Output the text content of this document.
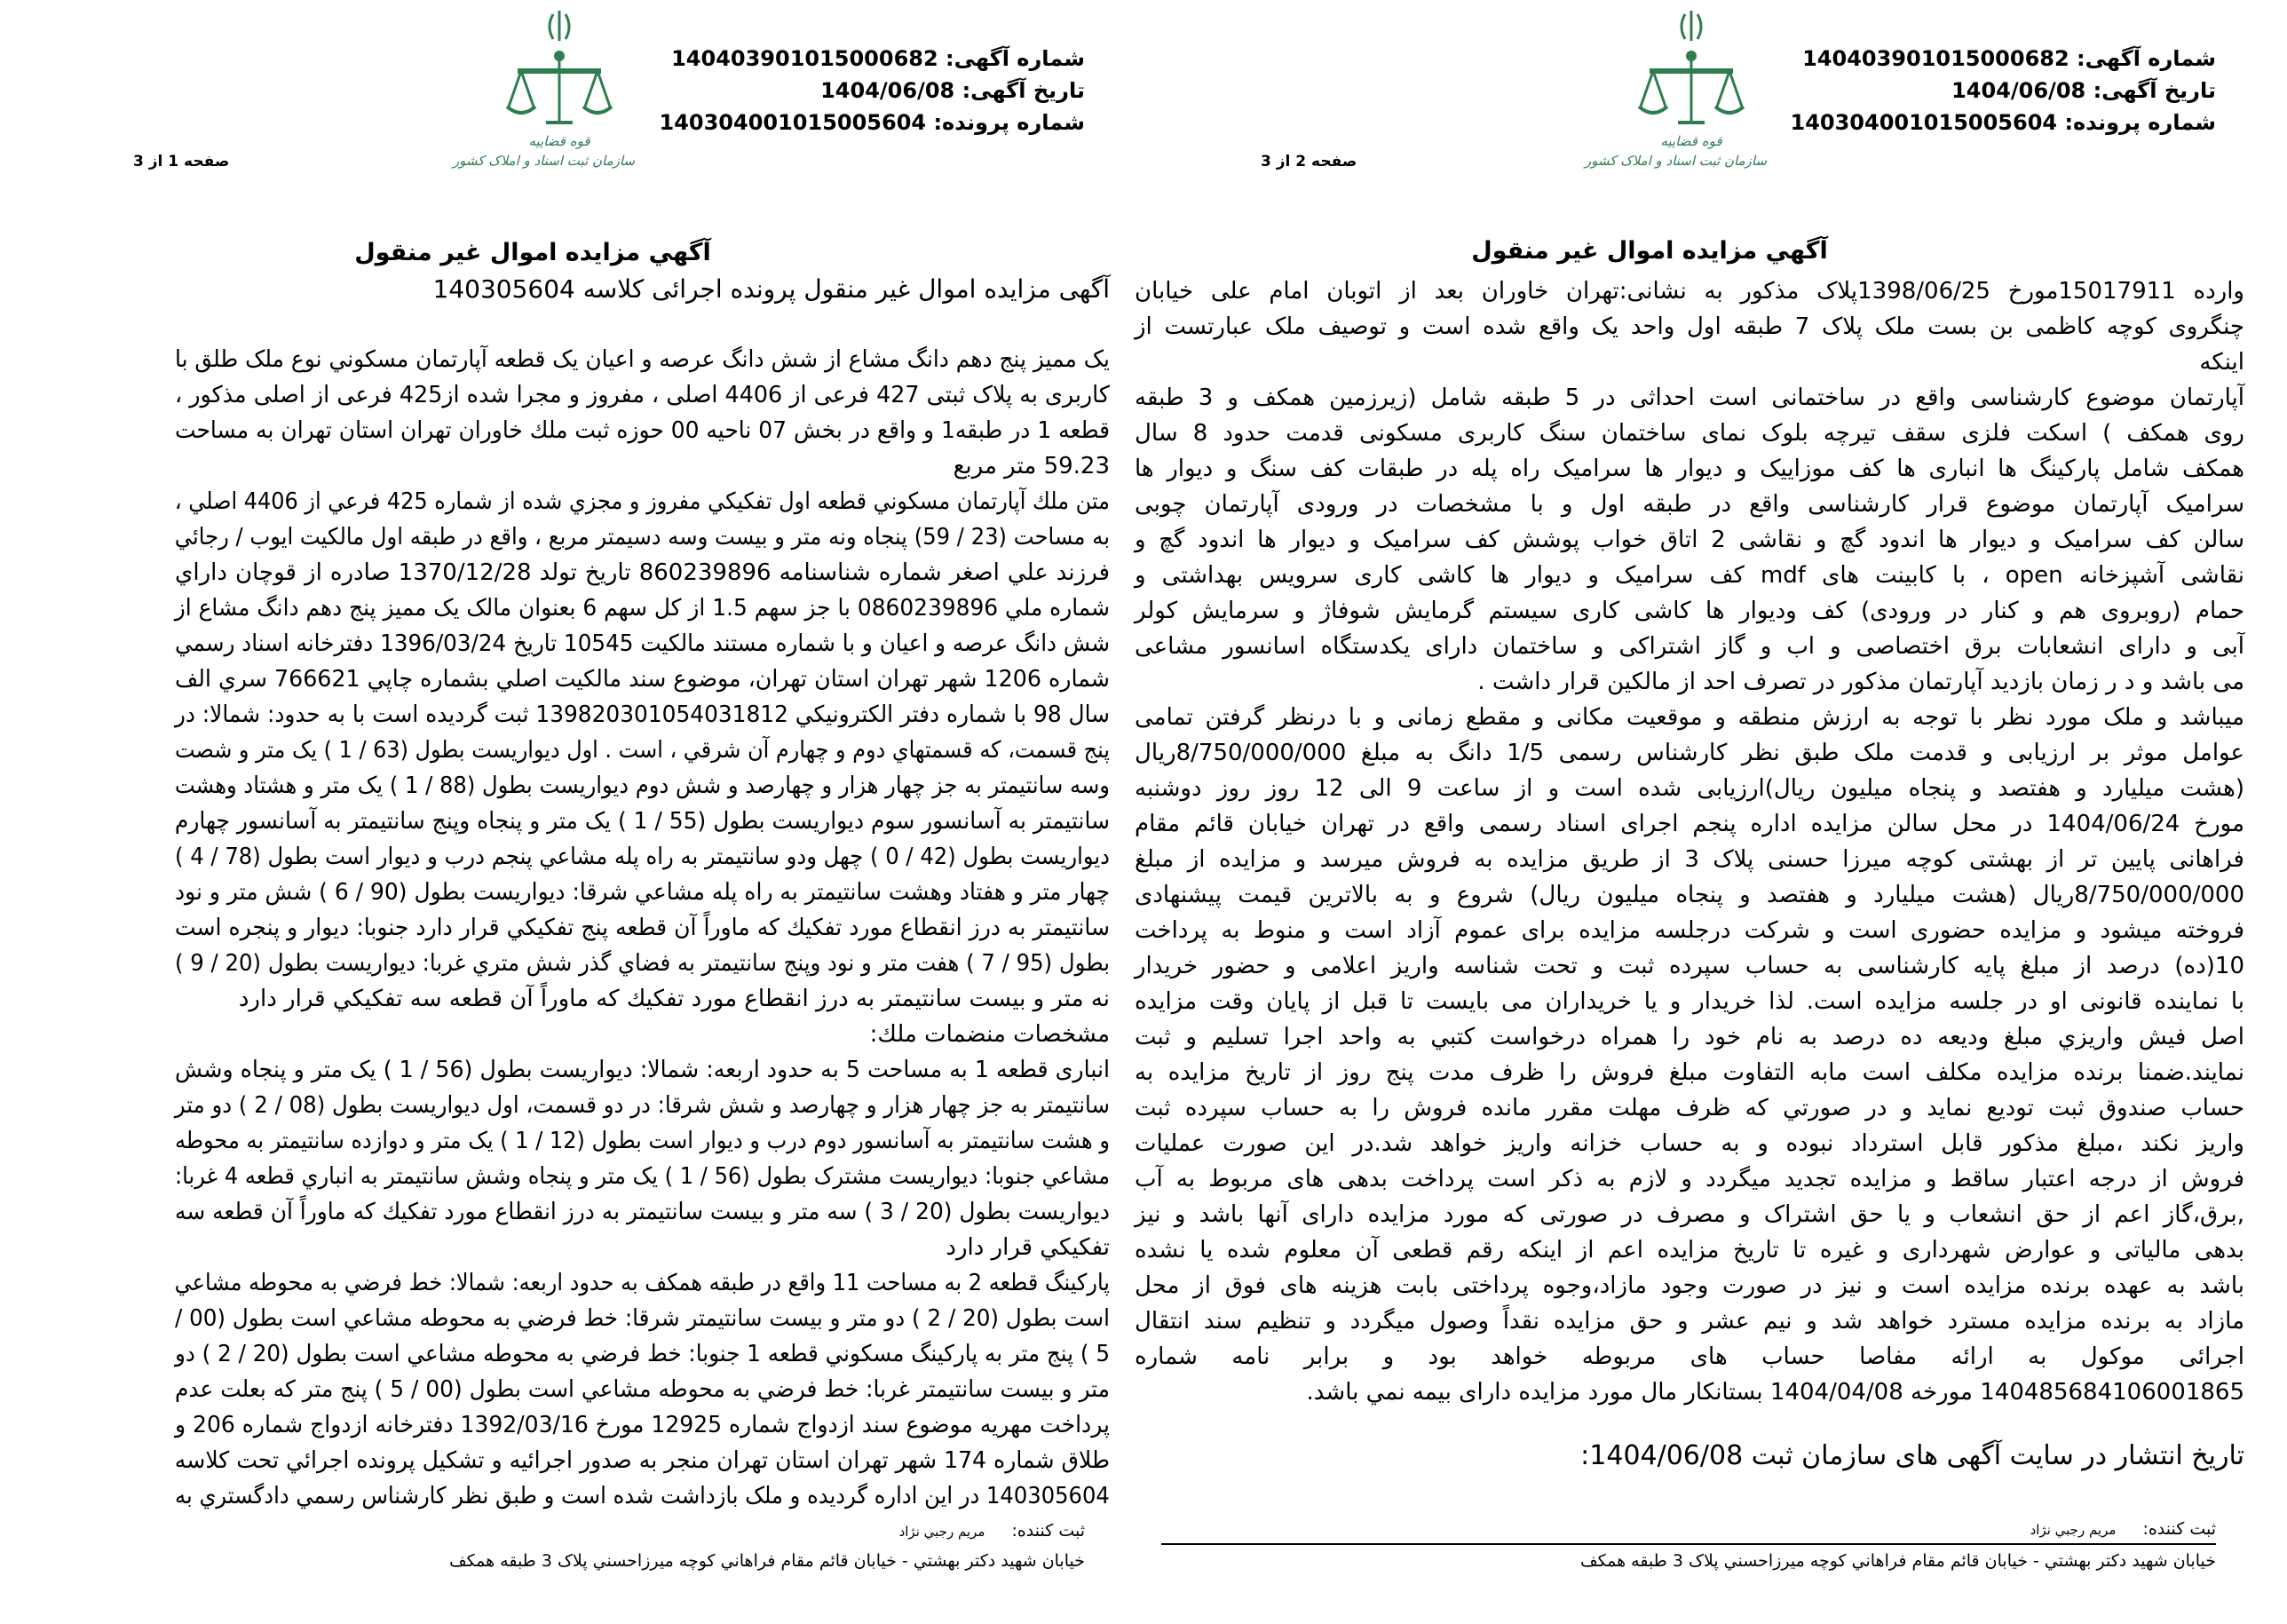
شماره آگهی: 140403901015000682
تاریخ آگهی: 1404/06/08
شماره پرونده: 140304001015005604
قوه قضاییه
سازمان ثبت اسناد و املاک کشور
صفحه 1 از 3
آگهي مزايده اموال غير منقول
آگهی مزایده اموال غیر منقول پرونده اجرائی کلاسه 140305604
یک ممیز پنج دهم دانگ مشاع از شش دانگ عرصه و اعیان یک قطعه آپارتمان مسکوني نوع ملک طلق با
کاربری به پلاک ثبتی 427 فرعی از 4406 اصلی ، مفروز و مجرا شده از425 فرعی از اصلی مذکور ،
قطعه 1 در طبقه1 و واقع در بخش 07 ناحیه 00 حوزه ثبت ملك خاوران تهران استان تهران به مساحت
59.23 متر مربع
متن ملك آپارتمان مسكوني قطعه اول تفكيكي مفروز و مجزي شده از شماره 425 فرعي از 4406 اصلي ،
به مساحت (23 / 59) پنجاه ونه متر و بيست وسه دسيمتر مربع ، واقع در طبقه اول مالكيت ايوب / رجائي
فرزند علي اصغر شماره شناسنامه 860239896 تاريخ تولد 1370/12/28 صادره از قوچان داراي
شماره ملي 0860239896 با جز سهم 1.5 از کل سهم 6 بعنوان مالک یک ممیز پنج دهم دانگ مشاع از
شش دانگ عرصه و اعیان و با شماره مستند مالکیت 10545 تاریخ 1396/03/24 دفترخانه اسناد رسمي
شماره 1206 شهر تهران استان تهران، موضوع سند مالكيت اصلي بشماره چاپي 766621 سري الف
سال 98 با شماره دفتر الكترونيكي 139820301054031812 ثبت گرديده است با به حدود: شمالا: در
پنج قسمت، كه قسمتهاي دوم و چهارم آن شرقي ، است . اول ديواريست بطول (63 / 1 ) يک متر و شصت
وسه سانتيمتر به جز چهار هزار و چهارصد و شش دوم ديواريست بطول (88 / 1 ) يک متر و هشتاد وهشت
سانتيمتر به آسانسور سوم ديواريست بطول (55 / 1 ) يک متر و پنجاه وپنج سانتيمتر به آسانسور چهارم
ديواريست بطول (42 / 0 ) چهل ودو سانتيمتر به راه پله مشاعي پنجم درب و ديوار است بطول (78 / 4 )
چهار متر و هفتاد وهشت سانتيمتر به راه پله مشاعي شرقا: ديواريست بطول (90 / 6 ) شش متر و نود
سانتيمتر به درز انقطاع مورد تفكيك كه ماوراً آن قطعه پنج تفكيكي قرار دارد جنوبا: ديوار و پنجره است
بطول (95 / 7 ) هفت متر و نود وپنج سانتيمتر به فضاي گذر شش متري غربا: ديواريست بطول (20 / 9 )
نه متر و بيست سانتيمتر به درز انقطاع مورد تفكيك كه ماوراً آن قطعه سه تفكيكي قرار دارد
مشخصات منضمات ملك:
انباری قطعه 1 به مساحت 5 به حدود اربعه: شمالا: ديواريست بطول (56 / 1 ) يک متر و پنجاه وشش
سانتيمتر به جز چهار هزار و چهارصد و شش شرقا: در دو قسمت، اول ديواريست بطول (08 / 2 ) دو متر
و هشت سانتيمتر به آسانسور دوم درب و ديوار است بطول (12 / 1 ) يک متر و دوازده سانتيمتر به محوطه
مشاعي جنوبا: ديواريست مشترک بطول (56 / 1 ) يک متر و پنجاه وشش سانتيمتر به انباري قطعه 4 غربا:
ديواريست بطول (20 / 3 ) سه متر و بيست سانتيمتر به درز انقطاع مورد تفكيك كه ماوراً آن قطعه سه
تفكيكي قرار دارد
پاركينگ قطعه 2 به مساحت 11 واقع در طبقه همکف به حدود اربعه: شمالا: خط فرضي به محوطه مشاعي
است بطول (20 / 2 ) دو متر و بيست سانتيمتر شرقا: خط فرضي به محوطه مشاعي است بطول (00 /
5 ) پنج متر به پاركينگ مسكوني قطعه 1 جنوبا: خط فرضي به محوطه مشاعي است بطول (20 / 2 ) دو
متر و بيست سانتيمتر غربا: خط فرضي به محوطه مشاعي است بطول (00 / 5 ) پنج متر كه بعلت عدم
پرداخت مهريه موضوع سند ازدواج شماره 12925 مورخ 1392/03/16 دفترخانه ازدواج شماره 206 و
طلاق شماره 174 شهر تهران استان تهران منجر به صدور اجرائيه و تشكيل پرونده اجرائي تحت كلاسه
140305604 در این اداره گرديده و ملک بازداشت شده است و طبق نظر كارشناس رسمي دادگستري به
ثبت کننده:مریم رجبي نژاد
خيابان شهيد دكتر بهشتي - خيابان قائم مقام فراهاني كوچه ميرزاحسني پلاک 3 طبقه همكف
شماره آگهی: 140403901015000682
تاریخ آگهی: 1404/06/08
شماره پرونده: 140304001015005604
قوه قضاییه
سازمان ثبت اسناد و املاک کشور
صفحه 2 از 3
آگهي مزايده اموال غير منقول
وارده 15017911مورخ 1398/06/25پلاک مذکور به نشانی:تهران خاوران بعد از اتوبان امام علی خیابان
چنگروی کوچه کاظمی بن بست ملک پلاک 7 طبقه اول واحد یک واقع شده است و توصیف ملک عبارتست از
اینکه
آپارتمان موضوع کارشناسی واقع در ساختمانی است احداثی در 5 طبقه شامل (زیرزمین همکف و 3 طبقه
روی همکف ) اسکت فلزی سقف تیرچه بلوک نمای ساختمان سنگ کاربری مسکونی قدمت حدود 8 سال
همکف شامل پارکینگ ها انباری ها کف موزاییک و دیوار ها سرامیک راه پله در طبقات کف سنگ و دیوار ها
سرامیک آپارتمان موضوع قرار کارشناسی واقع در طبقه اول و با مشخصات در ورودی آپارتمان چوبی
سالن کف سرامیک و دیوار ها اندود گچ و نقاشی 2 اتاق خواب پوشش کف سرامیک و دیوار ها اندود گچ و
نقاشی آشپزخانه open ، با کابینت های mdf کف سرامیک و دیوار ها کاشی کاری سرویس بهداشتی و
حمام (روبروی هم و کنار در ورودی) کف ودیوار ها کاشی کاری سیستم گرمایش شوفاژ و سرمایش کولر
آبی و دارای انشعابات برق اختصاصی و اب و گاز اشتراکی و ساختمان دارای یکدستگاه اسانسور مشاعی
می باشد و د ر زمان بازدید آپارتمان مذکور در تصرف احد از مالکین قرار داشت .
میباشد و ملک مورد نظر با توجه به ارزش منطقه و موقعیت مکانی و مقطع زمانی و با درنظر گرفتن تمامی
عوامل موثر بر ارزیابی و قدمت ملک طبق نظر کارشناس رسمی 1/5 دانگ به مبلغ 8/750/000/000ریال
(هشت میلیارد و هفتصد و پنجاه میلیون ریال)ارزیابی شده است و از ساعت 9 الی 12 روز روز دوشنبه
مورخ 1404/06/24 در محل سالن مزایده اداره پنجم اجرای اسناد رسمی واقع در تهران خیابان قائم مقام
فراهانی پایین تر از بهشتی کوچه میرزا حسنی پلاک 3 از طریق مزایده به فروش میرسد و مزایده از مبلغ
8/750/000/000ریال (هشت میلیارد و هفتصد و پنجاه میلیون ریال) شروع و به بالاترین قیمت پیشنهادی
فروخته میشود و مزایده حضوری است و شرکت درجلسه مزایده برای عموم آزاد است و منوط به پرداخت
10(ده) درصد از مبلغ پایه کارشناسی به حساب سپرده ثبت و تحت شناسه واریز اعلامی و حضور خریدار
با نماینده قانونی او در جلسه مزایده است. لذا خریدار و یا خریداران می بایست تا قبل از پایان وقت مزایده
اصل فیش واریزي مبلغ ودیعه ده درصد به نام خود را همراه درخواست کتبي به واحد اجرا تسلیم و ثبت
نمایند.ضمنا برنده مزایده مکلف است مابه التفاوت مبلغ فروش را ظرف مدت پنج روز از تاریخ مزایده به
حساب صندوق ثبت تودیع نماید و در صورتي که ظرف مهلت مقرر مانده فروش را به حساب سپرده ثبت
واریز نکند ،مبلغ مذکور قابل استرداد نبوده و به حساب خزانه واریز خواهد شد.در این صورت عملیات
فروش از درجه اعتبار ساقط و مزایده تجدید میگردد و لازم به ذکر است پرداخت بدهی های مربوط به آب
,برق،گاز اعم از حق انشعاب و یا حق اشتراک و مصرف در صورتی که مورد مزایده دارای آنها باشد و نیز
بدهی مالیاتی و عوارض شهرداری و غیره تا تاریخ مزایده اعم از اینکه رقم قطعی آن معلوم شده یا نشده
باشد به عهده برنده مزایده است و نیز در صورت وجود مازاد،وجوه پرداختی بابت هزینه های فوق از محل
مازاد به برنده مزایده مسترد خواهد شد و نیم عشر و حق مزایده نقداً وصول میگردد و تنظیم سند انتقال
اجرائی موکول به ارائه مفاصا حساب های مربوطه خواهد بود و برابر نامه شماره
140485684106001865 مورخه 1404/04/08 بستانکار مال مورد مزایده دارای بیمه نمي باشد.
تاریخ انتشار در سایت آگهی های سازمان ثبت 1404/06/08:
ثبت کننده:مریم رجبي نژاد
خيابان شهيد دكتر بهشتي - خيابان قائم مقام فراهاني كوچه ميرزاحسني پلاک 3 طبقه همكف
